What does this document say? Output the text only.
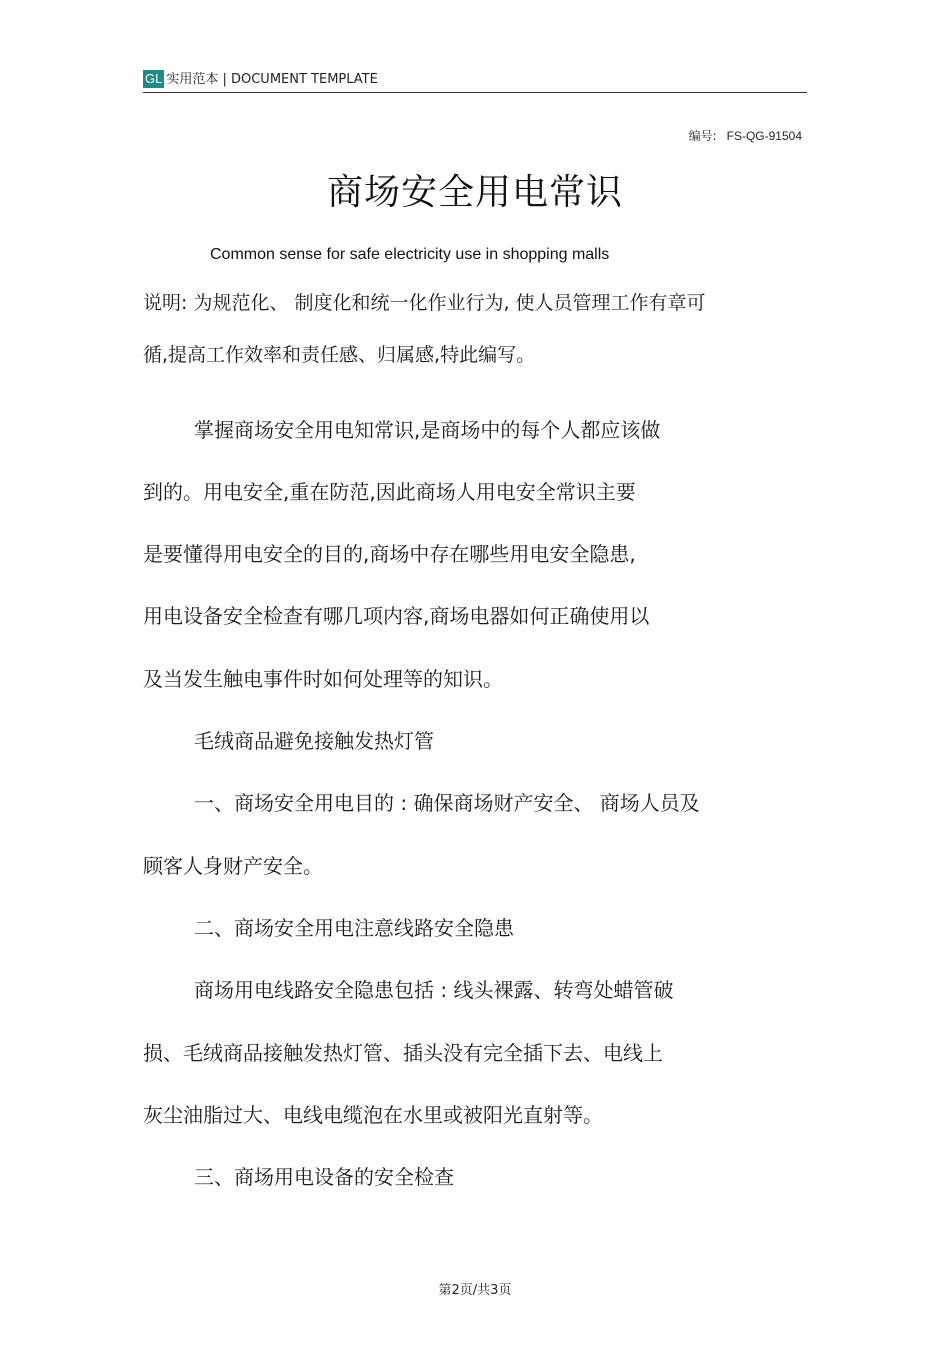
GL 实用范本 | DOCUMENT TEMPLATE
编号: FS-QG-91504
商场安全用电常识
Common sense for safe electricity use in shopping malls
说明: 为规范化、 制度化和统一化作业行为, 使人员管理工作有章可
循,提高工作效率和责任感、归属感,特此编写。
掌握商场安全用电知常识,是商场中的每个人都应该做
到的。用电安全,重在防范,因此商场人用电安全常识主要
是要懂得用电安全的目的,商场中存在哪些用电安全隐患,
用电设备安全检查有哪几项内容,商场电器如何正确使用以
及当发生触电事件时如何处理等的知识。
毛绒商品避免接触发热灯管
一、商场安全用电目的 : 确保商场财产安全、 商场人员及
顾客人身财产安全。
二、商场安全用电注意线路安全隐患
商场用电线路安全隐患包括 : 线头裸露、转弯处蜡管破
损、毛绒商品接触发热灯管、插头没有完全插下去、电线上
灰尘油脂过大、电线电缆泡在水里或被阳光直射等。
三、商场用电设备的安全检查
第2页/共3页
